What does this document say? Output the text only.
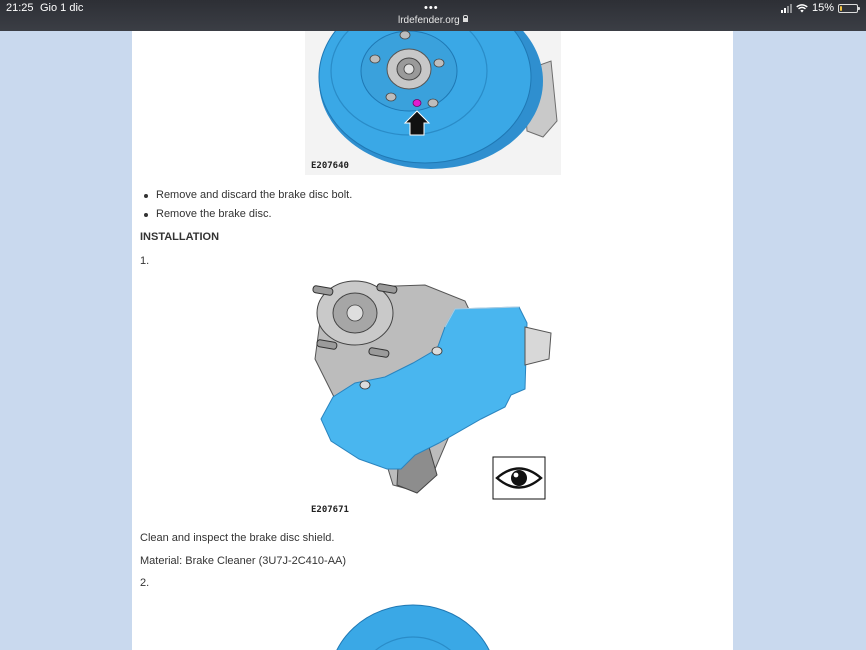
21:25 Gio 1 dic	•••
lrdefender.org
15%
E207640
Remove and discard the brake disc bolt.
Remove the brake disc.
INSTALLATION
1.
E207671
Clean and inspect the brake disc shield.
Material: Brake Cleaner (3U7J-2C410-AA)
2.
